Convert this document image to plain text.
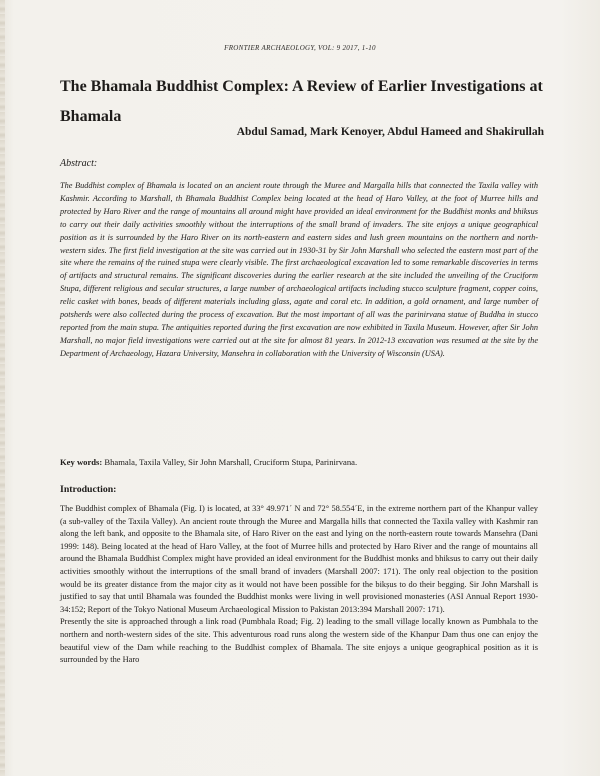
FRONTIER ARCHAEOLOGY, VOL: 9 2017, 1-10
The Bhamala Buddhist Complex: A Review of Earlier Investigations at Bhamala
Abdul Samad, Mark Kenoyer, Abdul Hameed and Shakirullah
Abstract:

The Buddhist complex of Bhamala is located on an ancient route through the Muree and Margalla hills that connected the Taxila valley with Kashmir. According to Marshall, th Bhamala Buddhist Complex being located at the head of Haro Valley, at the foot of Murree hills and protected by Haro River and the range of mountains all around might have provided an ideal environment for the Buddhist monks and bhiksus to carry out their daily activities smoothly without the interruptions of the small brand of invaders. The site enjoys a unique geographical position as it is surrounded by the Haro River on its north-eastern and eastern sides and lush green mountains on the northern and north-western sides. The first field investigation at the site was carried out in 1930-31 by Sir John Marshall who selected the eastern most part of the site where the remains of the ruined stupa were clearly visible. The first archaeological excavation led to some remarkable discoveries in terms of artifacts and structural remains. The significant discoveries during the earlier research at the site included the unveiling of the Cruciform Stupa, different religious and secular structures, a large number of archaeological artifacts including stucco sculpture fragment, copper coins, relic casket with bones, beads of different materials including glass, agate and coral etc. In addition, a gold ornament, and large number of potsherds were also collected during the process of excavation. But the most important of all was the parinirvana statue of Buddha in stucco reported from the main stupa. The antiquities reported during the first excavation are now exhibited in Taxila Museum. However, after Sir John Marshall, no major field investigations were carried out at the site for almost 81 years. In 2012-13 excavation was resumed at the site by the Department of Archaeology, Hazara University, Mansehra in collaboration with the University of Wisconsin (USA).

Key words: Bhamala, Taxila Valley, Sir John Marshall, Cruciform Stupa, Parinirvana.
Introduction:

The Buddhist complex of Bhamala (Fig. I) is located, at 33° 49.971´ N and 72° 58.554´E, in the extreme northern part of the Khanpur valley (a sub-valley of the Taxila Valley). An ancient route through the Muree and Margalla hills that connected the Taxila valley with Kashmir ran along the left bank, and opposite to the Bhamala site, of Haro River on the east and lying on the north-eastern route towards Mansehra (Dani 1999: 148). Being located at the head of Haro Valley, at the foot of Murree hills and protected by Haro River and the range of mountains all around the Bhamala Buddhist Complex might have provided an ideal environment for the Buddhist monks and bhiksus to carry out their daily activities smoothly without the interruptions of the small brand of invaders (Marshall 2007: 171). The only real objection to the position would be its greater distance from the major city as it would not have been possible for the bikṣus to do their begging. Sir John Marshall is justified to say that until Bhamala was founded the Buddhist monks were living in well provisioned monasteries (ASI Annual Report 1930-34:152; Report of the Tokyo National Museum Archaeological Mission to Pakistan 2013:394 Marshall 2007: 171).

Presently the site is approached through a link road (Pumbhala Road; Fig. 2) leading to the small village locally known as Pumbhala to the northern and north-western sides of the site. This adventurous road runs along the western side of the Khanpur Dam thus one can enjoy the beautiful view of the Dam while reaching to the Buddhist complex of Bhamala. The site enjoys a unique geographical position as it is surrounded by the Haro
